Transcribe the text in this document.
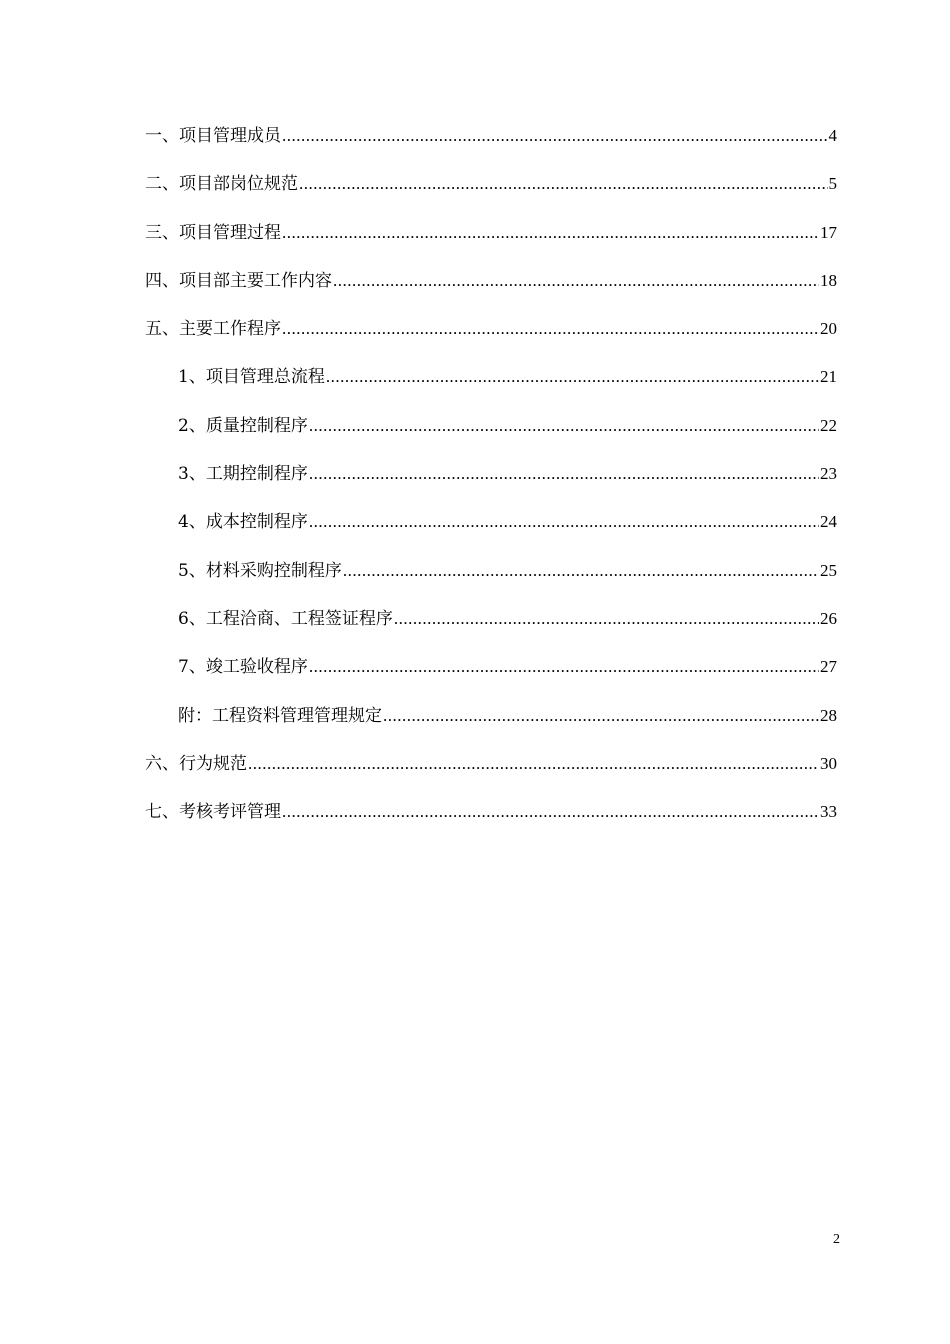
一、项目管理成员 .....	4
二、项目部岗位规范 .....	5
三、项目管理过程 .....	17
四、项目部主要工作内容 .....	18
五、主要工作程序 .....	20
1、项目管理总流程 .....	21
2、质量控制程序 .....	22
3、工期控制程序 .....	23
4、成本控制程序 .....	24
5、材料采购控制程序 .....	25
6、工程洽商、工程签证程序 .....	26
7、竣工验收程序 .....	27
附：工程资料管理管理规定 .....	28
六、行为规范 .....	30
七、考核考评管理 .....	33
2
